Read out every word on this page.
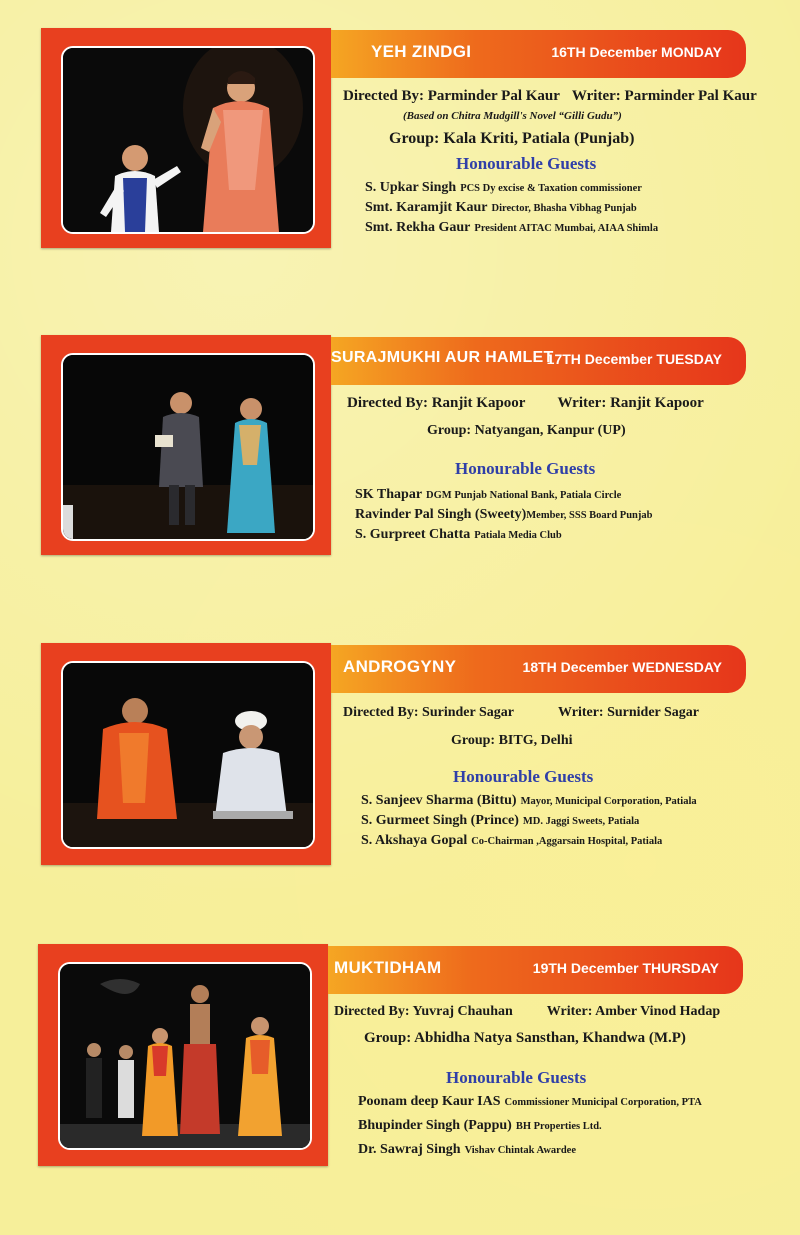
YEH ZINDGI	16TH December MONDAY
Directed By: Parminder Pal Kaur Writer: Parminder Pal Kaur
(Based on Chitra Mudgill's Novel “Gilli Gudu”)
Group: Kala Kriti, Patiala (Punjab)
Honourable Guests
S. Upkar Singh PCS Dy excise & Taxation commissioner
Smt. Karamjit Kaur Director, Bhasha Vibhag Punjab
Smt. Rekha Gaur President AITAC Mumbai, AIAA Shimla
SURAJMUKHI AUR HAMLET
17TH December TUESDAY
Directed By: Ranjit Kapoor Writer: Ranjit Kapoor
Group: Natyangan, Kanpur (UP)
Honourable Guests
SK Thapar DGM Punjab National Bank, Patiala Circle
Ravinder Pal Singh (Sweety)Member, SSS Board Punjab
S. Gurpreet Chatta Patiala Media Club
ANDROGYNY	18TH December WEDNESDAY
Directed By: Surinder Sagar	Writer: Surnider Sagar
Group: BITG, Delhi
Honourable Guests
S. Sanjeev Sharma (Bittu) Mayor, Municipal Corporation, Patiala
S. Gurmeet Singh (Prince) MD. Jaggi Sweets, Patiala
S. Akshaya Gopal Co-Chairman ,Aggarsain Hospital, Patiala
MUKTIDHAM	19TH December THURSDAY
Directed By: Yuvraj Chauhan Writer: Amber Vinod Hadap
Group: Abhidha Natya Sansthan, Khandwa (M.P)
Honourable Guests
Poonam deep Kaur IAS Commissioner Municipal Corporation, PTA
Bhupinder Singh (Pappu) BH Properties Ltd.
Dr. Sawraj Singh Vishav Chintak Awardee
